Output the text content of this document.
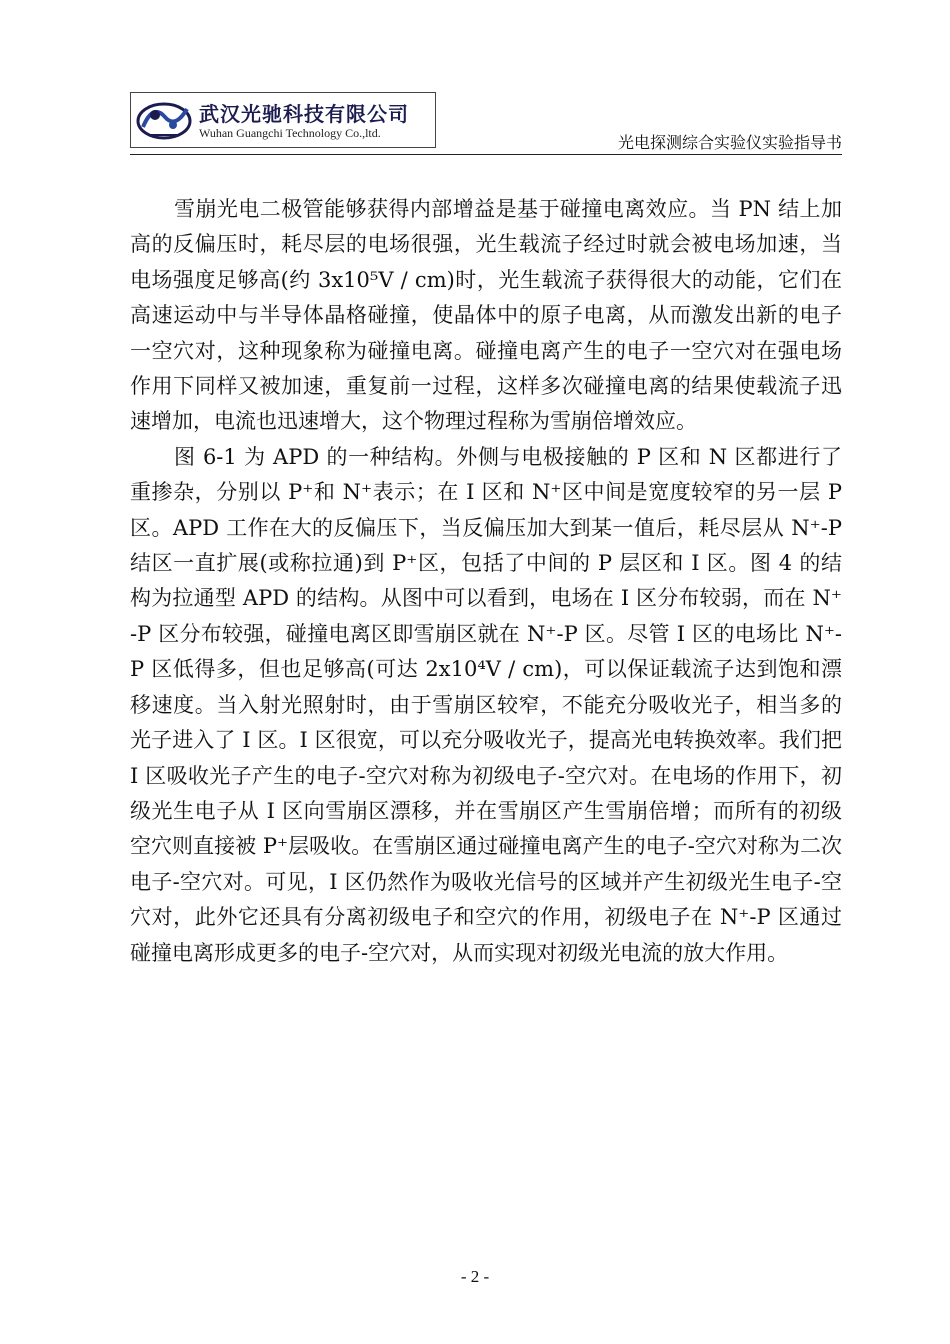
武汉光驰科技有限公司
Wuhan Guangchi Technology Co.,ltd.	光电探测综合实验仪实验指导书

雪崩光电二极管能够获得内部增益是基于碰撞电离效应。当 PN 结上加高的反偏压时，耗尽层的电场很强，光生载流子经过时就会被电场加速，当电场强度足够高(约 3x10⁵V / cm)时，光生载流子获得很大的动能，它们在高速运动中与半导体晶格碰撞，使晶体中的原子电离，从而激发出新的电子一空穴对，这种现象称为碰撞电离。碰撞电离产生的电子一空穴对在强电场作用下同样又被加速，重复前一过程，这样多次碰撞电离的结果使载流子迅速增加，电流也迅速增大，这个物理过程称为雪崩倍增效应。

图 6-1 为 APD 的一种结构。外侧与电极接触的 P 区和 N 区都进行了重掺杂，分别以 P⁺和 N⁺表示；在 I 区和 N⁺区中间是宽度较窄的另一层 P 区。APD 工作在大的反偏压下，当反偏压加大到某一值后，耗尽层从 N⁺-P 结区一直扩展(或称拉通)到 P⁺区，包括了中间的 P 层区和 I 区。图 4 的结构为拉通型 APD 的结构。从图中可以看到，电场在 I 区分布较弱，而在 N⁺-P 区分布较强，碰撞电离区即雪崩区就在 N⁺-P 区。尽管 I 区的电场比 N⁺-P 区低得多，但也足够高(可达 2x10⁴V / cm)，可以保证载流子达到饱和漂移速度。当入射光照射时，由于雪崩区较窄，不能充分吸收光子，相当多的光子进入了 I 区。I 区很宽，可以充分吸收光子，提高光电转换效率。我们把 I 区吸收光子产生的电子-空穴对称为初级电子-空穴对。在电场的作用下，初级光生电子从 I 区向雪崩区漂移，并在雪崩区产生雪崩倍增；而所有的初级空穴则直接被 P⁺层吸收。在雪崩区通过碰撞电离产生的电子-空穴对称为二次电子-空穴对。可见，I 区仍然作为吸收光信号的区域并产生初级光生电子-空穴对，此外它还具有分离初级电子和空穴的作用，初级电子在 N⁺-P 区通过碰撞电离形成更多的电子-空穴对，从而实现对初级光电流的放大作用。

- 2 -
